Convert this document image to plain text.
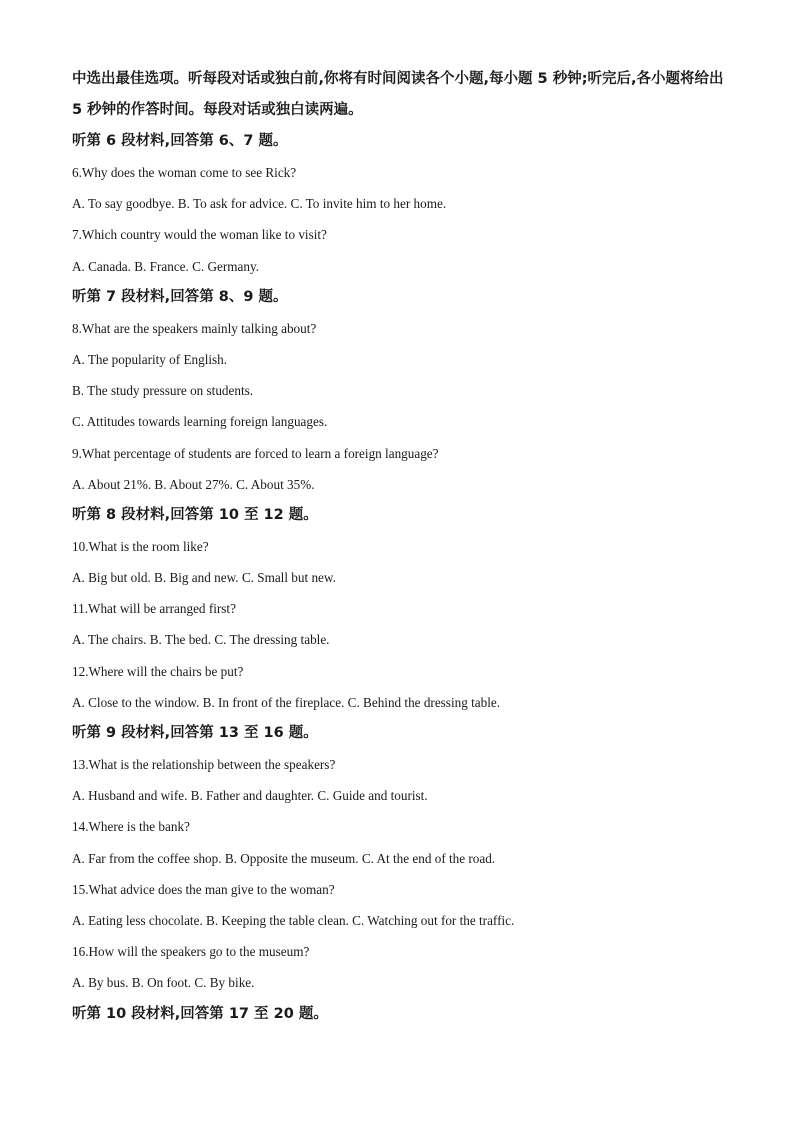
中选出最佳选项。听每段对话或独白前,你将有时间阅读各个小题,每小题 5 秒钟;听完后,各小题将给出 5 秒钟的作答时间。每段对话或独白读两遍。

听第 6 段材料,回答第 6、7 题。

6.Why does the woman come to see Rick?

A. To say goodbye. B. To ask for advice. C. To invite him to her home.

7.Which country would the woman like to visit?

A. Canada. B. France. C. Germany.

听第 7 段材料,回答第 8、9 题。

8.What are the speakers mainly talking about?

A. The popularity of English.

B. The study pressure on students.

C. Attitudes towards learning foreign languages.

9.What percentage of students are forced to learn a foreign language?

A. About 21%. B. About 27%. C. About 35%.

听第 8 段材料,回答第 10 至 12 题。

10.What is the room like?

A. Big but old. B. Big and new. C. Small but new.

11.What will be arranged first?

A. The chairs. B. The bed. C. The dressing table.

12.Where will the chairs be put?

A. Close to the window. B. In front of the fireplace. C. Behind the dressing table.

听第 9 段材料,回答第 13 至 16 题。

13.What is the relationship between the speakers?

A. Husband and wife. B. Father and daughter. C. Guide and tourist.

14.Where is the bank?

A. Far from the coffee shop. B. Opposite the museum. C. At the end of the road.

15.What advice does the man give to the woman?

A. Eating less chocolate. B. Keeping the table clean. C. Watching out for the traffic.

16.How will the speakers go to the museum?

A. By bus. B. On foot. C. By bike.

听第 10 段材料,回答第 17 至 20 题。
